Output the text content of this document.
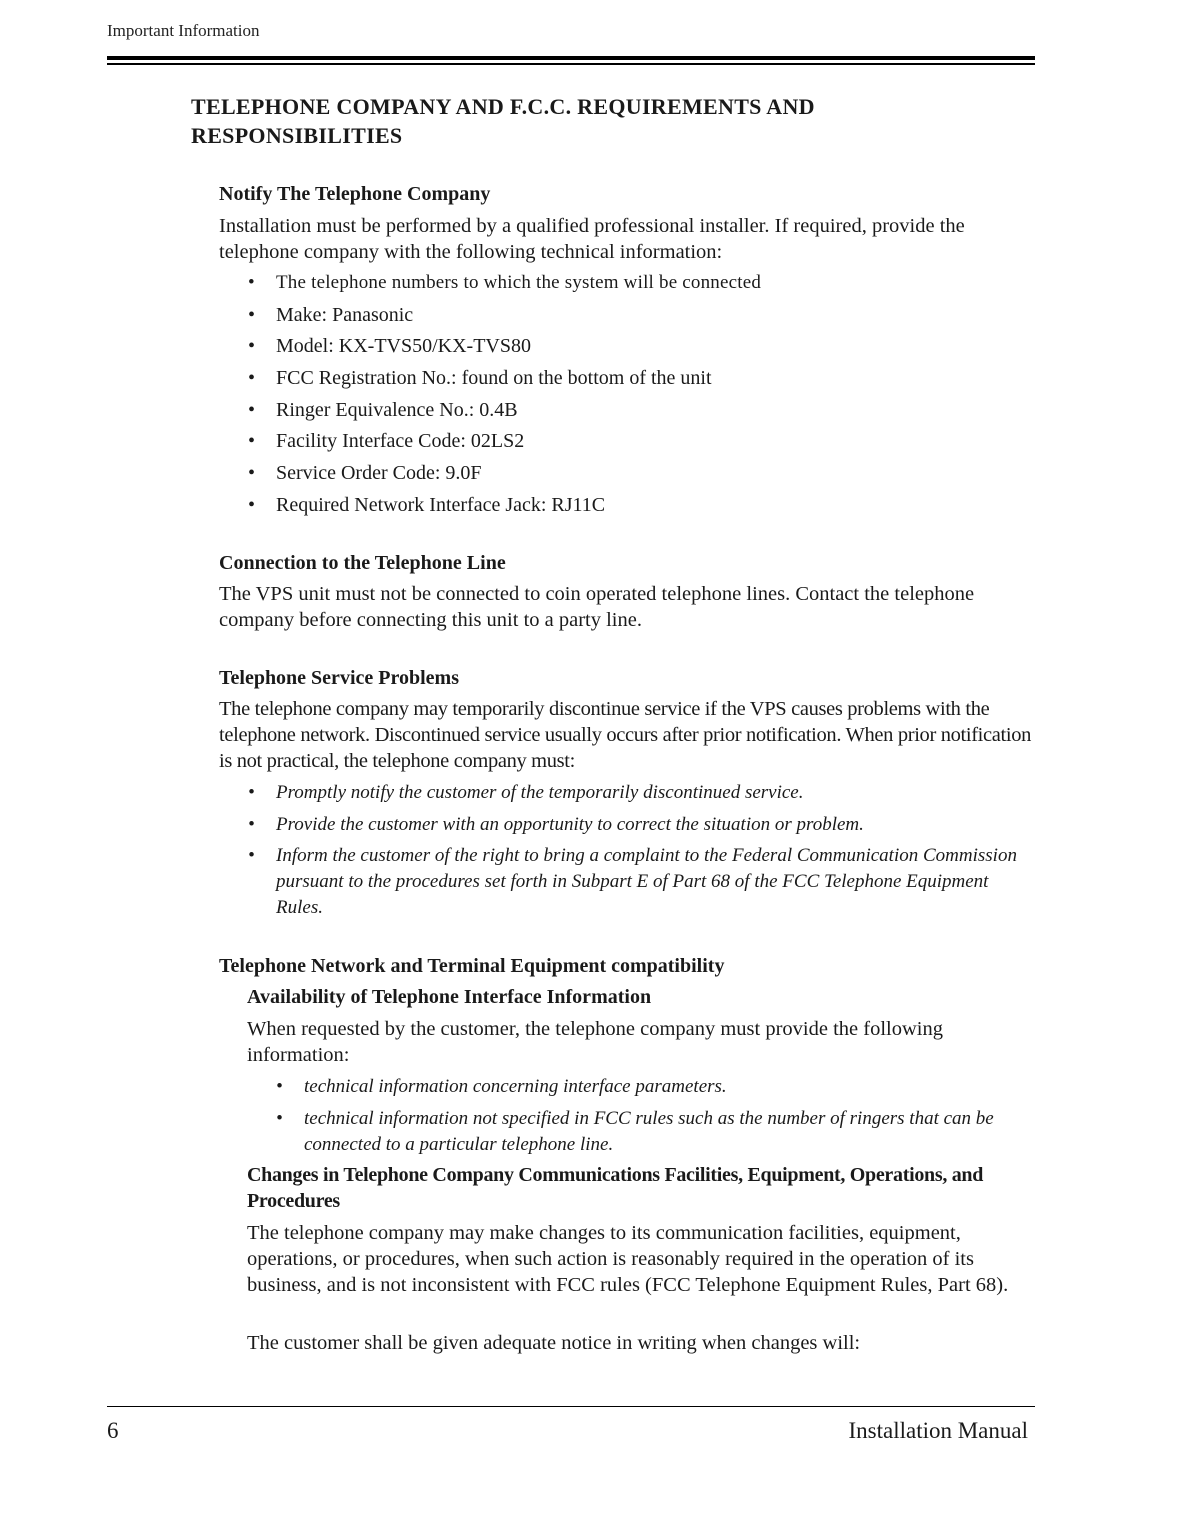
Important Information
TELEPHONE COMPANY AND F.C.C. REQUIREMENTS AND RESPONSIBILITIES
Notify The Telephone Company
Installation must be performed by a qualified professional installer. If required, provide the telephone company with the following technical information:
• The telephone numbers to which the system will be connected
• Make: Panasonic
• Model: KX-TVS50/KX-TVS80
• FCC Registration No.: found on the bottom of the unit
• Ringer Equivalence No.: 0.4B
• Facility Interface Code: 02LS2
• Service Order Code: 9.0F
• Required Network Interface Jack: RJ11C
Connection to the Telephone Line
The VPS unit must not be connected to coin operated telephone lines. Contact the telephone company before connecting this unit to a party line.
Telephone Service Problems
The telephone company may temporarily discontinue service if the VPS causes problems with the telephone network. Discontinued service usually occurs after prior notification. When prior notification is not practical, the telephone company must:
• Promptly notify the customer of the temporarily discontinued service.
• Provide the customer with an opportunity to correct the situation or problem.
• Inform the customer of the right to bring a complaint to the Federal Communication Commission pursuant to the procedures set forth in Subpart E of Part 68 of the FCC Telephone Equipment Rules.
Telephone Network and Terminal Equipment compatibility
Availability of Telephone Interface Information
When requested by the customer, the telephone company must provide the following information:
• technical information concerning interface parameters.
• technical information not specified in FCC rules such as the number of ringers that can be connected to a particular telephone line.
Changes in Telephone Company Communications Facilities, Equipment, Operations, and Procedures
The telephone company may make changes to its communication facilities, equipment, operations, or procedures, when such action is reasonably required in the operation of its business, and is not inconsistent with FCC rules (FCC Telephone Equipment Rules, Part 68).
The customer shall be given adequate notice in writing when changes will:
6	Installation Manual
